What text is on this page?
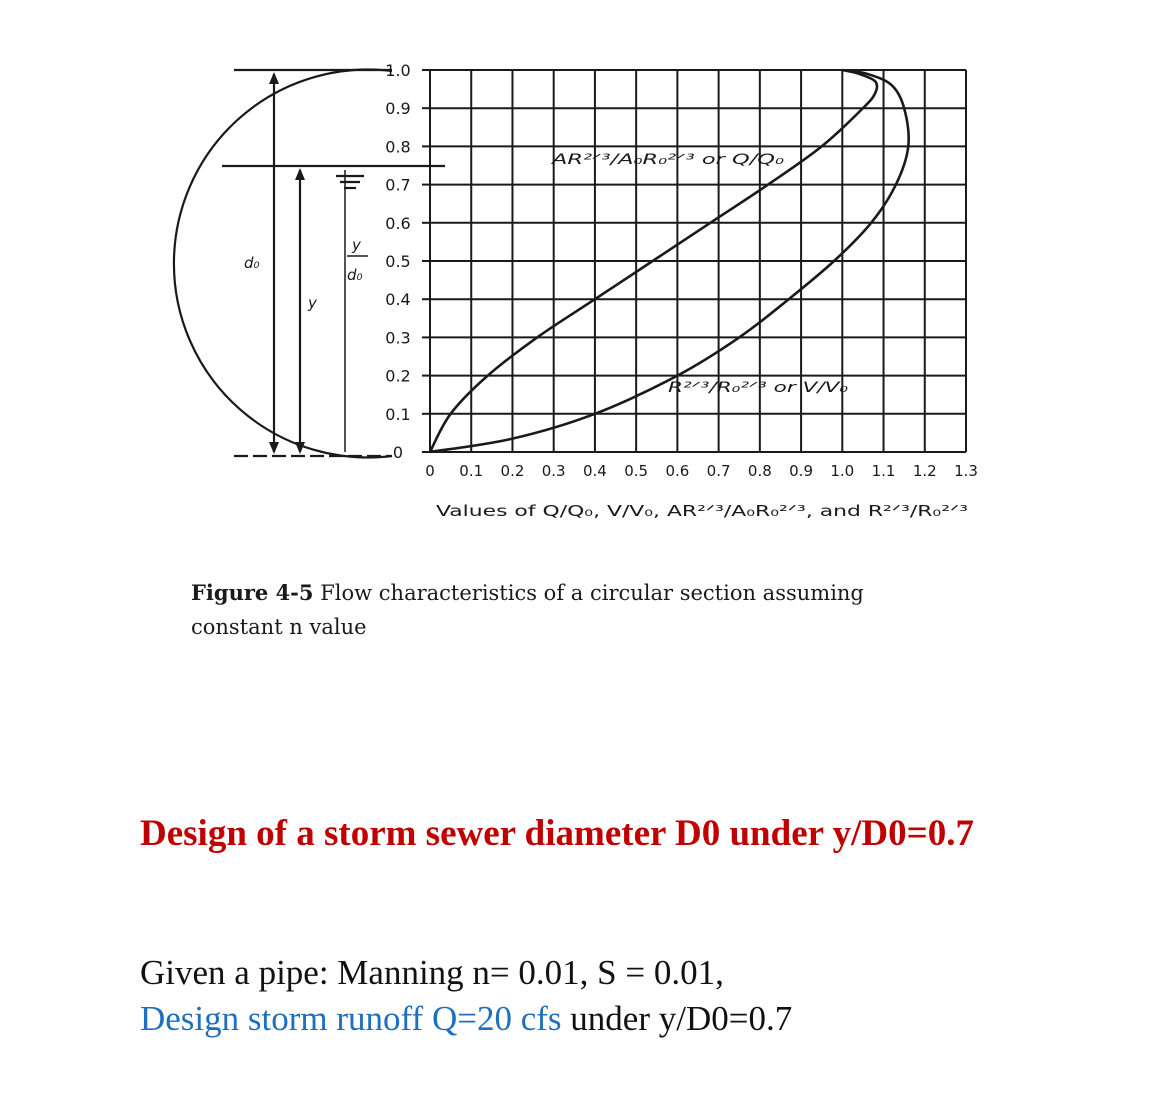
d₀
y
y
d₀
0
0.1
0.2
0.3
0.4
0.5
0.6
0.7
0.8
0.9
1.0
0 0.1 0.2 0.3 0.4 0.5 0.6 0.7 0.8 0.9 1.0 1.1 1.2 1.3
AR²ᐟ³/A₀R₀²ᐟ³ or Q/Q₀
R²ᐟ³/R₀²ᐟ³ or V/V₀
Values of Q/Q₀, V/V₀, AR²ᐟ³/A₀R₀²ᐟ³, and R²ᐟ³/R₀²ᐟ³
Figure 4-5 Flow characteristics of a circular section assuming constant n value
Design of a storm sewer diameter D0 under y/D0=0.7
Given a pipe: Manning n= 0.01, S = 0.01,
Design storm runoff Q=20 cfs under y/D0=0.7
